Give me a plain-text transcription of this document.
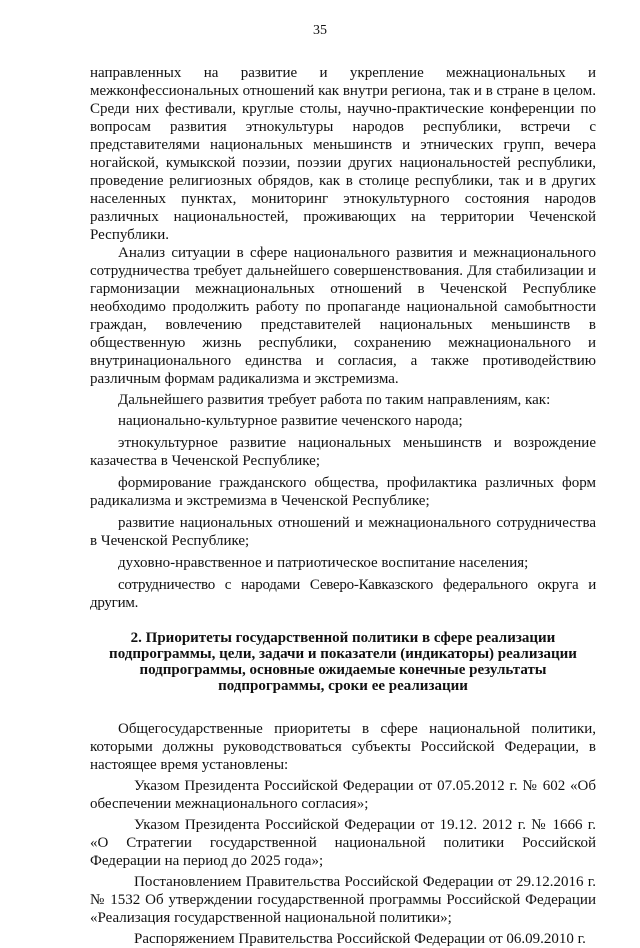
35

направленных на развитие и укрепление межнациональных и межконфессиональных отношений как внутри региона, так и в стране в целом. Среди них фестивали, круглые столы, научно-практические конференции по вопросам развития этнокультуры народов республики, встречи с представителями национальных меньшинств и этнических групп, вечера ногайской, кумыкской поэзии, поэзии других национальностей республики, проведение религиозных обрядов, как в столице республики, так и в других населенных пунктах, мониторинг этнокультурного состояния народов различных национальностей, проживающих на территории Чеченской Республики.

Анализ ситуации в сфере национального развития и межнационального сотрудничества требует дальнейшего совершенствования. Для стабилизации и гармонизации межнациональных отношений в Чеченской Республике необходимо продолжить работу по пропаганде национальной самобытности граждан, вовлечению представителей национальных меньшинств в общественную жизнь республики, сохранению межнационального и внутринационального единства и согласия, а также противодействию различным формам радикализма и экстремизма.

Дальнейшего развития требует работа по таким направлениям, как:

национально-культурное развитие чеченского народа;

этнокультурное развитие национальных меньшинств и возрождение казачества в Чеченской Республике;

формирование гражданского общества, профилактика различных форм радикализма и экстремизма в Чеченской Республике;

развитие национальных отношений и межнационального сотрудничества в Чеченской Республике;

духовно-нравственное и патриотическое воспитание населения;

сотрудничество с народами Северо-Кавказского федерального округа и другим.

2. Приоритеты государственной политики в сфере реализации подпрограммы, цели, задачи и показатели (индикаторы) реализации подпрограммы, основные ожидаемые конечные результаты подпрограммы, сроки ее реализации

Общегосударственные приоритеты в сфере национальной политики, которыми должны руководствоваться субъекты Российской Федерации, в настоящее время установлены:

Указом Президента Российской Федерации от 07.05.2012 г. № 602 «Об обеспечении межнационального согласия»;

Указом Президента Российской Федерации от 19.12. 2012 г. № 1666 г. «О Стратегии государственной национальной политики Российской Федерации на период до 2025 года»;

Постановлением Правительства Российской Федерации от 29.12.2016 г. № 1532 Об утверждении государственной программы Российской Федерации «Реализация государственной национальной политики»;

Распоряжением Правительства Российской Федерации от 06.09.2010 г.
